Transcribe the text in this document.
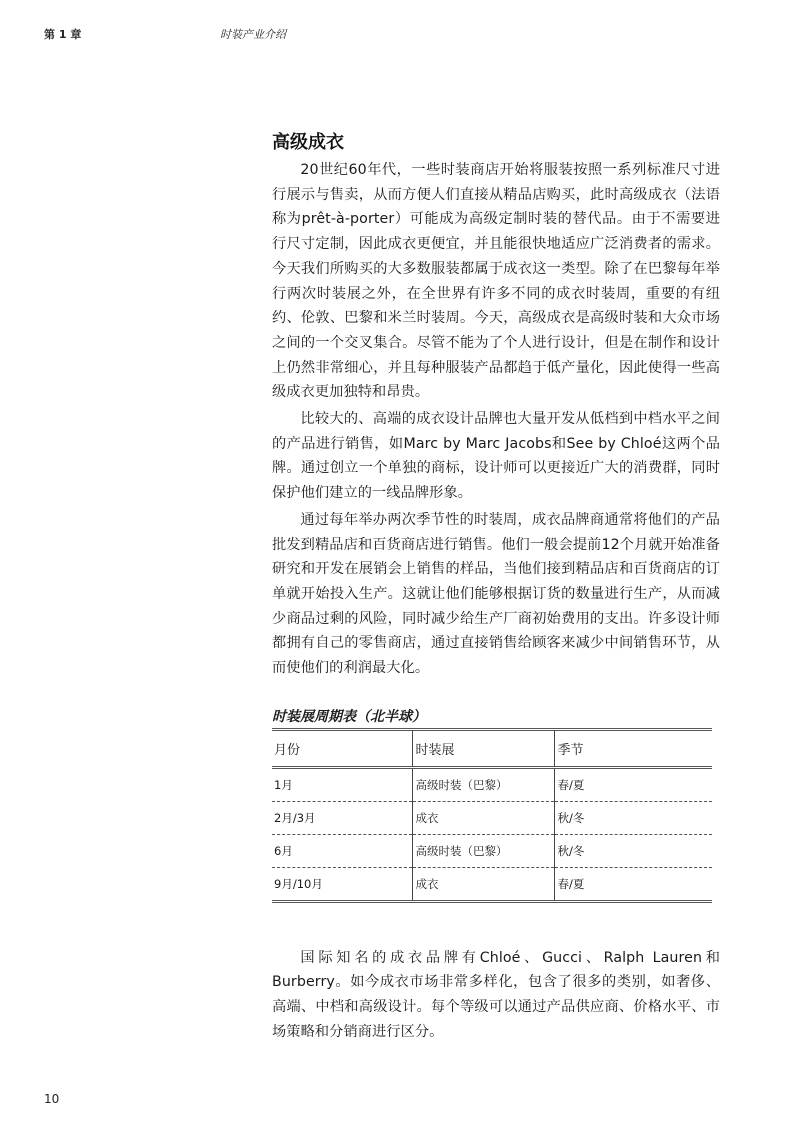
第 1 章	时装产业介绍
高级成衣

20世纪60年代，一些时装商店开始将服装按照一系列标准尺寸进行展示与售卖，从而方便人们直接从精品店购买，此时高级成衣（法语称为prêt-à-porter）可能成为高级定制时装的替代品。由于不需要进行尺寸定制，因此成衣更便宜，并且能很快地适应广泛消费者的需求。今天我们所购买的大多数服装都属于成衣这一类型。除了在巴黎每年举行两次时装展之外，在全世界有许多不同的成衣时装周，重要的有纽约、伦敦、巴黎和米兰时装周。今天，高级成衣是高级时装和大众市场之间的一个交叉集合。尽管不能为了个人进行设计，但是在制作和设计上仍然非常细心，并且每种服装产品都趋于低产量化，因此使得一些高级成衣更加独特和昂贵。

比较大的、高端的成衣设计品牌也大量开发从低档到中档水平之间的产品进行销售，如Marc by Marc Jacobs和See by Chloé这两个品牌。通过创立一个单独的商标，设计师可以更接近广大的消费群，同时保护他们建立的一线品牌形象。

通过每年举办两次季节性的时装周，成衣品牌商通常将他们的产品批发到精品店和百货商店进行销售。他们一般会提前12个月就开始准备研究和开发在展销会上销售的样品，当他们接到精品店和百货商店的订单就开始投入生产。这就让他们能够根据订货的数量进行生产，从而减少商品过剩的风险，同时减少给生产厂商初始费用的支出。许多设计师都拥有自己的零售商店，通过直接销售给顾客来减少中间销售环节，从而使他们的利润最大化。

时装展周期表（北半球）
月份	时装展	季节
1月	高级时装（巴黎）	春/夏
2月/3月	成衣	秋/冬
6月	高级时装（巴黎）	秋/冬
9月/10月	成衣	春/夏

国际知名的成衣品牌有Chloé、Gucci、Ralph Lauren和Burberry。如今成衣市场非常多样化，包含了很多的类别，如奢侈、高端、中档和高级设计。每个等级可以通过产品供应商、价格水平、市场策略和分销商进行区分。

10
